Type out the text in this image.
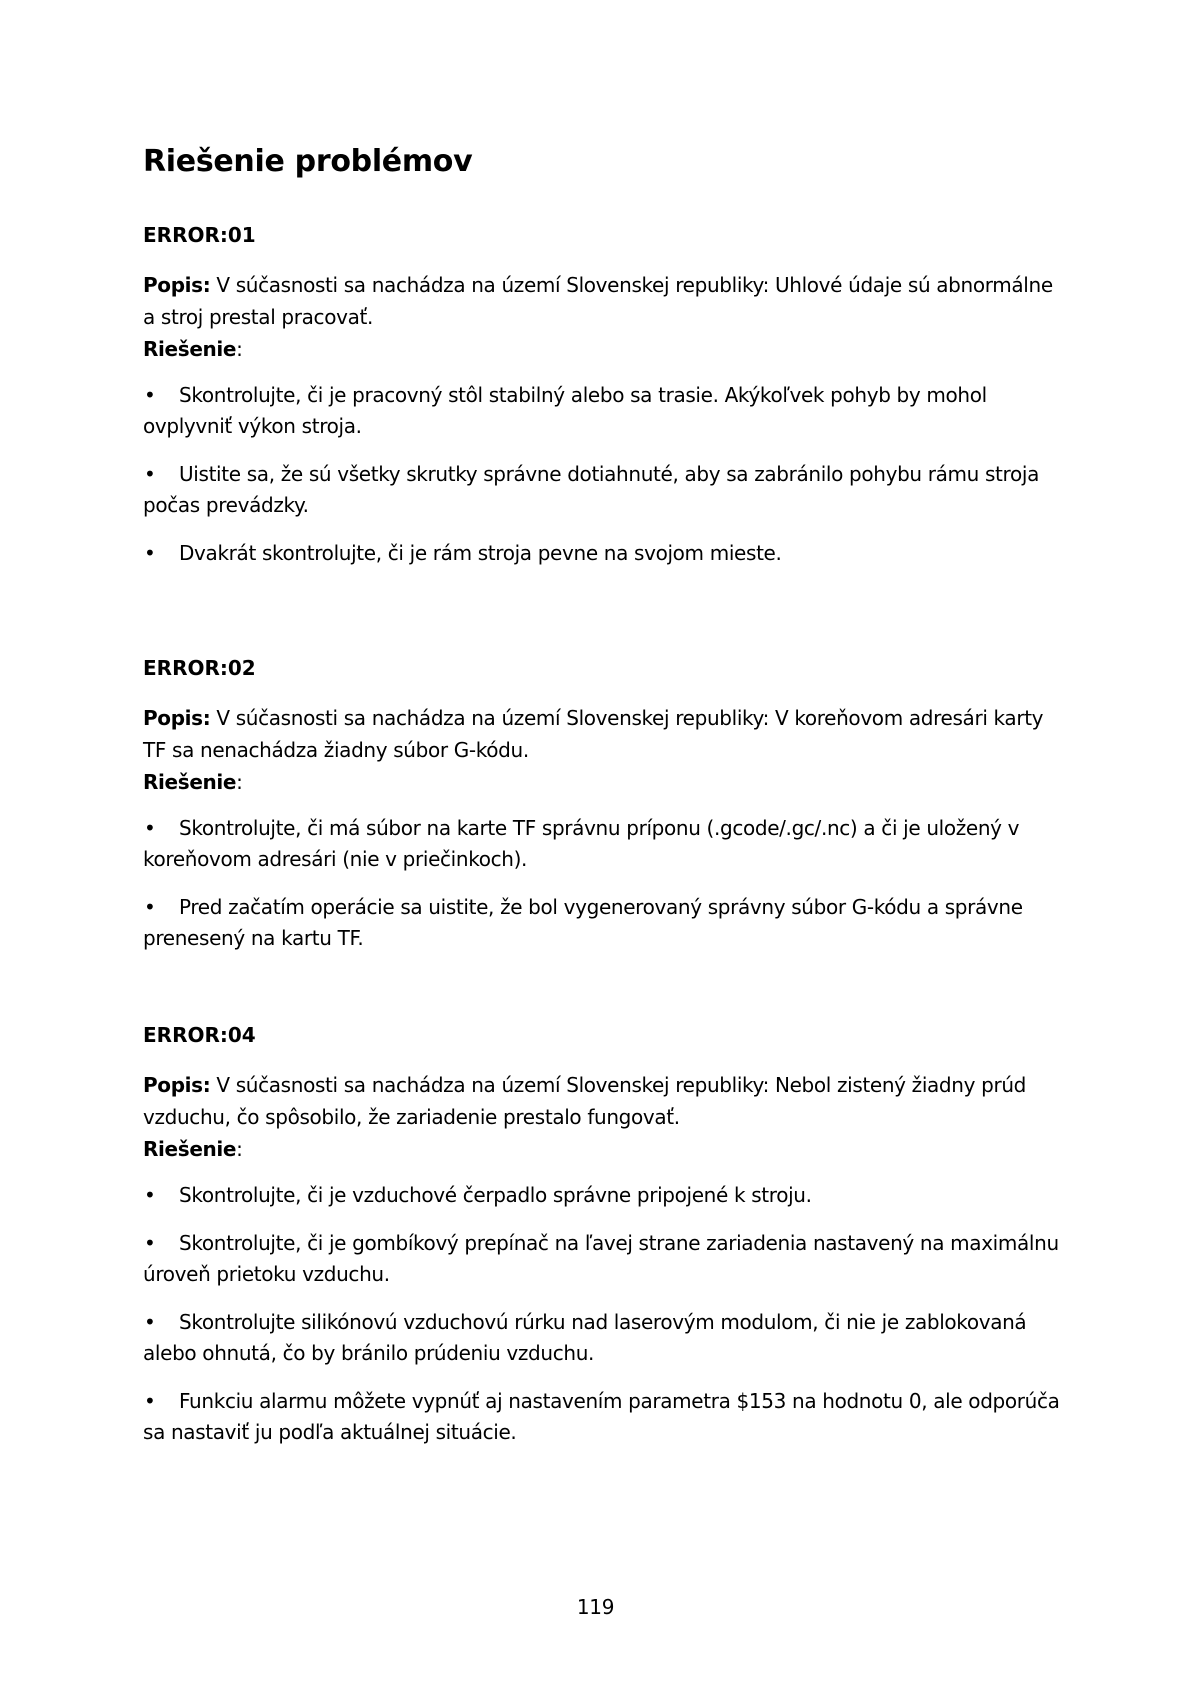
Riešenie problémov

ERROR:01

Popis: V súčasnosti sa nachádza na území Slovenskej republiky: Uhlové údaje sú abnormálne a stroj prestal pracovať.
Riešenie:

• Skontrolujte, či je pracovný stôl stabilný alebo sa trasie. Akýkoľvek pohyb by mohol ovplyvniť výkon stroja.
• Uistite sa, že sú všetky skrutky správne dotiahnuté, aby sa zabránilo pohybu rámu stroja počas prevádzky.
• Dvakrát skontrolujte, či je rám stroja pevne na svojom mieste.

ERROR:02

Popis: V súčasnosti sa nachádza na území Slovenskej republiky: V koreňovom adresári karty TF sa nenachádza žiadny súbor G-kódu.
Riešenie:

• Skontrolujte, či má súbor na karte TF správnu príponu (.gcode/.gc/.nc) a či je uložený v koreňovom adresári (nie v priečinkoch).
• Pred začatím operácie sa uistite, že bol vygenerovaný správny súbor G-kódu a správne prenesený na kartu TF.

ERROR:04

Popis: V súčasnosti sa nachádza na území Slovenskej republiky: Nebol zistený žiadny prúd vzduchu, čo spôsobilo, že zariadenie prestalo fungovať.
Riešenie:

• Skontrolujte, či je vzduchové čerpadlo správne pripojené k stroju.
• Skontrolujte, či je gombíkový prepínač na ľavej strane zariadenia nastavený na maximálnu úroveň prietoku vzduchu.
• Skontrolujte silikónovú vzduchovú rúrku nad laserovým modulom, či nie je zablokovaná alebo ohnutá, čo by bránilo prúdeniu vzduchu.
• Funkciu alarmu môžete vypnúť aj nastavením parametra $153 na hodnotu 0, ale odporúča sa nastaviť ju podľa aktuálnej situácie.
119
